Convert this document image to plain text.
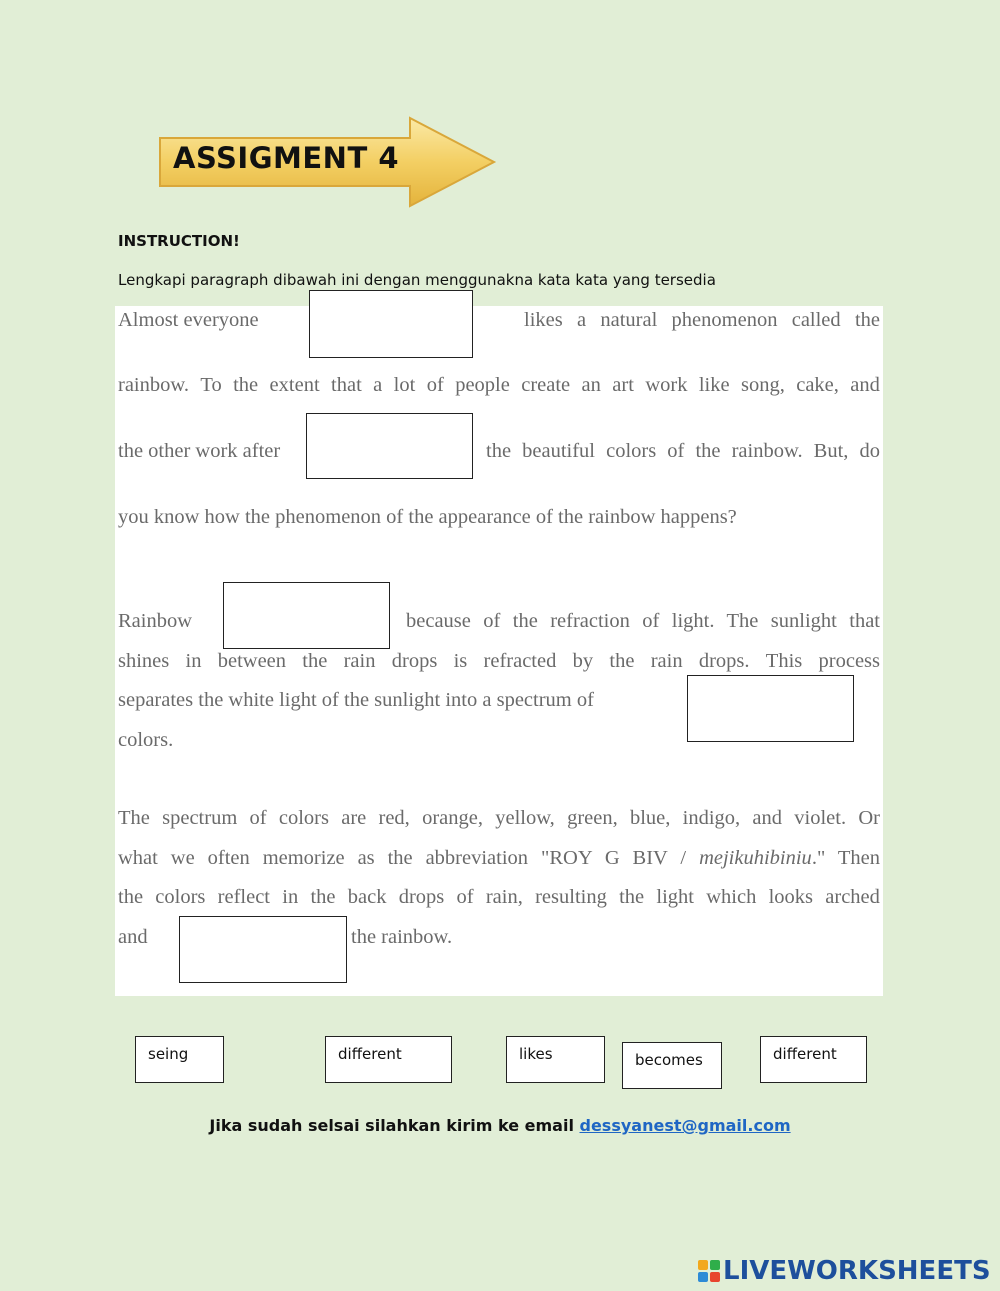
ASSIGMENT 4
INSTRUCTION!
Lengkapi paragraph dibawah ini dengan menggunakna kata kata yang tersedia
Almost everyone	likes a natural phenomenon called the
rainbow. To the extent that a lot of people create an art work like song, cake, and
the other work after	the beautiful colors of the rainbow. But, do
you know how the phenomenon of the appearance of the rainbow happens?
Rainbow	because of the refraction of light. The sunlight that
shines in between the rain drops is refracted by the rain drops. This process
separates the white light of the sunlight into a spectrum of
colors.
The spectrum of colors are red, orange, yellow, green, blue, indigo, and violet. Or
what we often memorize as the abbreviation "ROY G BIV / mejikuhibiniu." Then
the colors reflect in the back drops of rain, resulting the light which looks arched
and	the rainbow.
seing	different	likes	becomes	different
Jika sudah selsai silahkan kirim ke email dessyanest@gmail.com
LIVEWORKSHEETS
